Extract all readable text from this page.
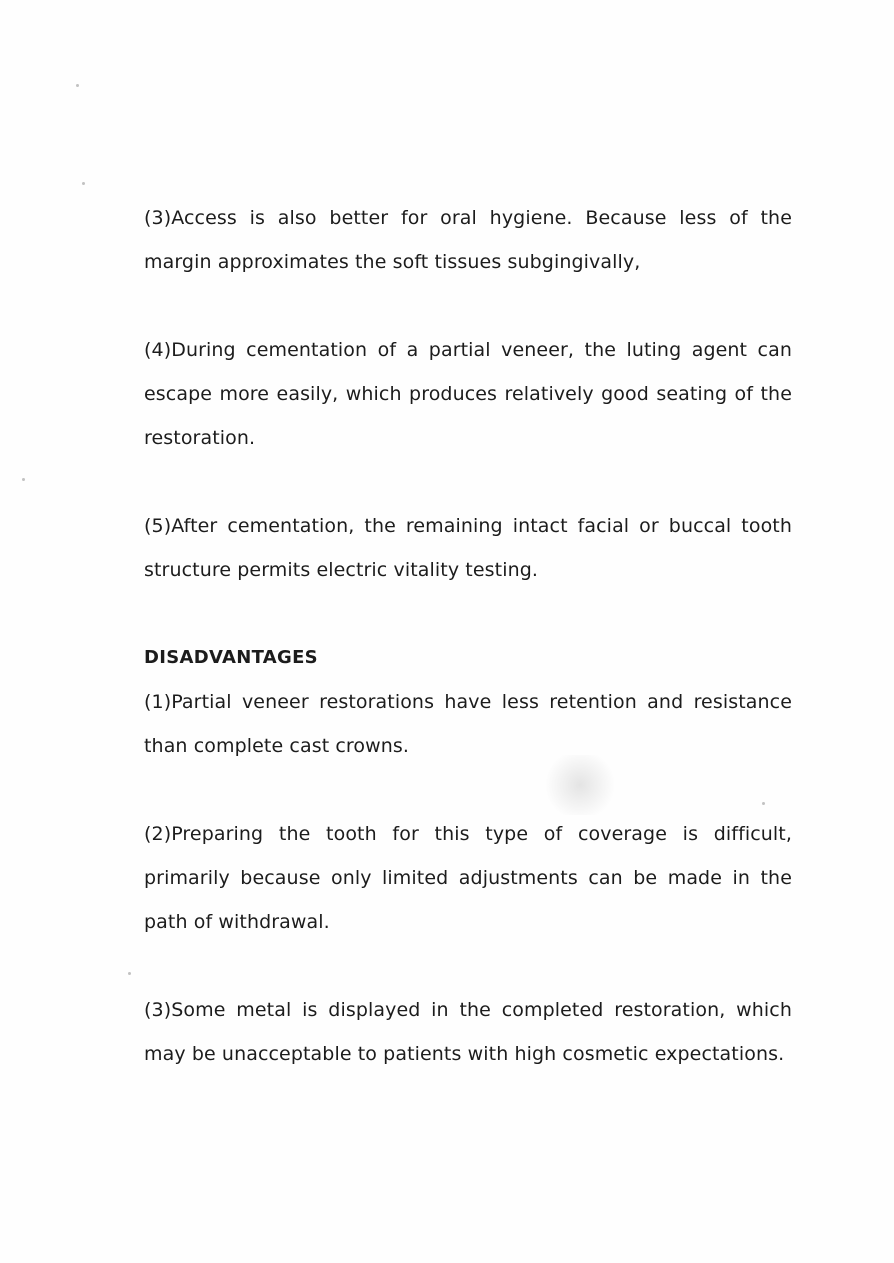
(3)Access is also better for oral hygiene. Because less of the margin approximates the soft tissues subgingivally,

(4)During cementation of a partial veneer, the luting agent can escape more easily, which produces relatively good seating of the restoration.

(5)After cementation, the remaining intact facial or buccal tooth structure permits electric vitality testing.

DISADVANTAGES

(1)Partial veneer restorations have less retention and resistance than complete cast crowns.

(2)Preparing the tooth for this type of coverage is difficult, primarily because only limited adjustments can be made in the path of withdrawal.

(3)Some metal is displayed in the completed restoration, which may be unacceptable to patients with high cosmetic expectations.
